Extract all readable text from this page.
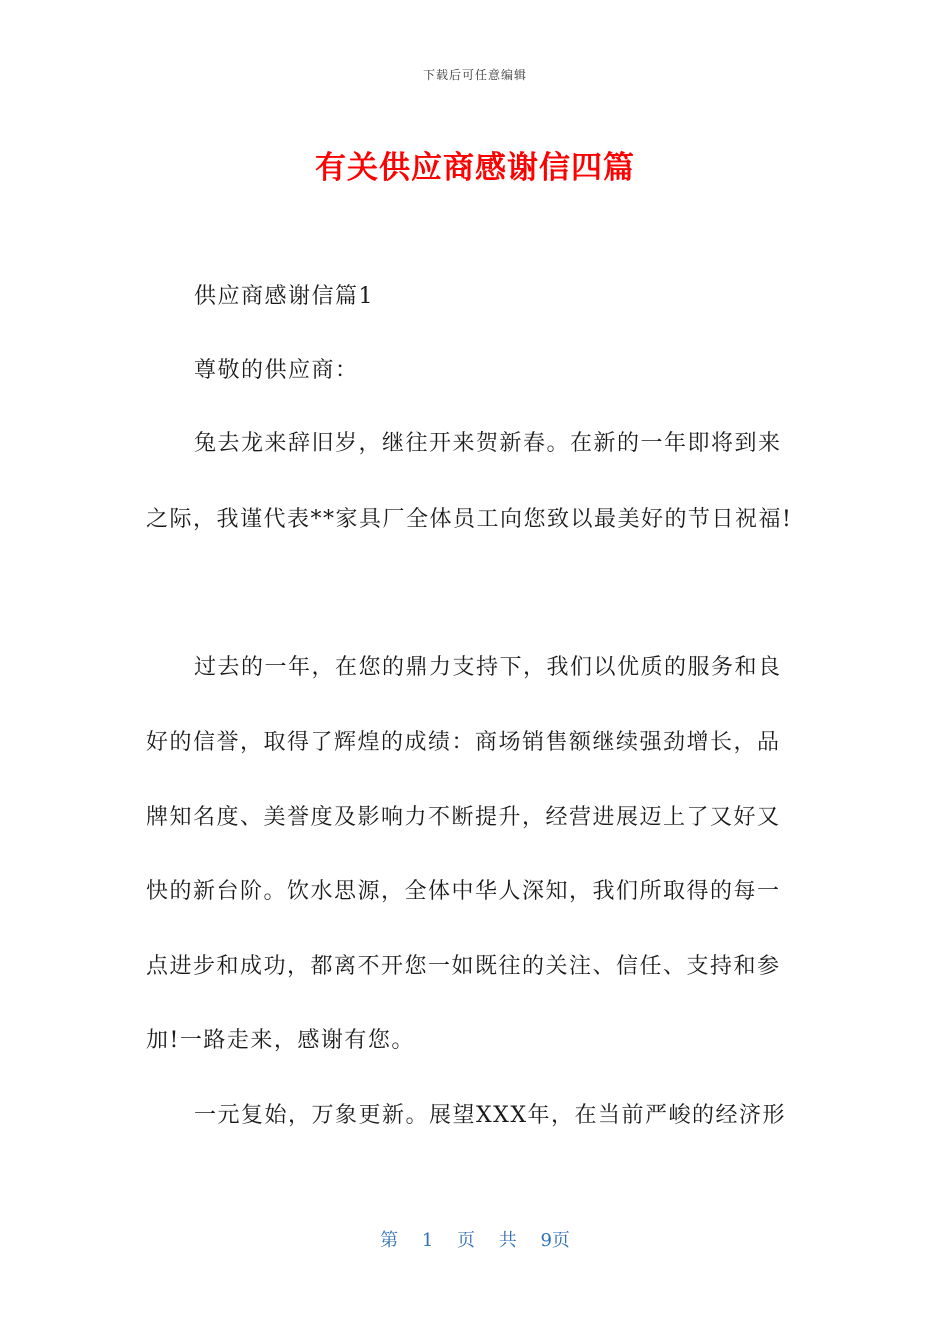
下载后可任意编辑
有关供应商感谢信四篇
供应商感谢信篇1
尊敬的供应商：
兔去龙来辞旧岁，继往开来贺新春。在新的一年即将到来
之际，我谨代表**家具厂全体员工向您致以最美好的节日祝福!
过去的一年，在您的鼎力支持下，我们以优质的服务和良
好的信誉，取得了辉煌的成绩：商场销售额继续强劲增长，品
牌知名度、美誉度及影响力不断提升，经营进展迈上了又好又
快的新台阶。饮水思源，全体中华人深知，我们所取得的每一
点进步和成功，都离不开您一如既往的关注、信任、支持和参
加!一路走来，感谢有您。
一元复始，万象更新。展望XXX年，在当前严峻的经济形
第 1 页 共 9页
